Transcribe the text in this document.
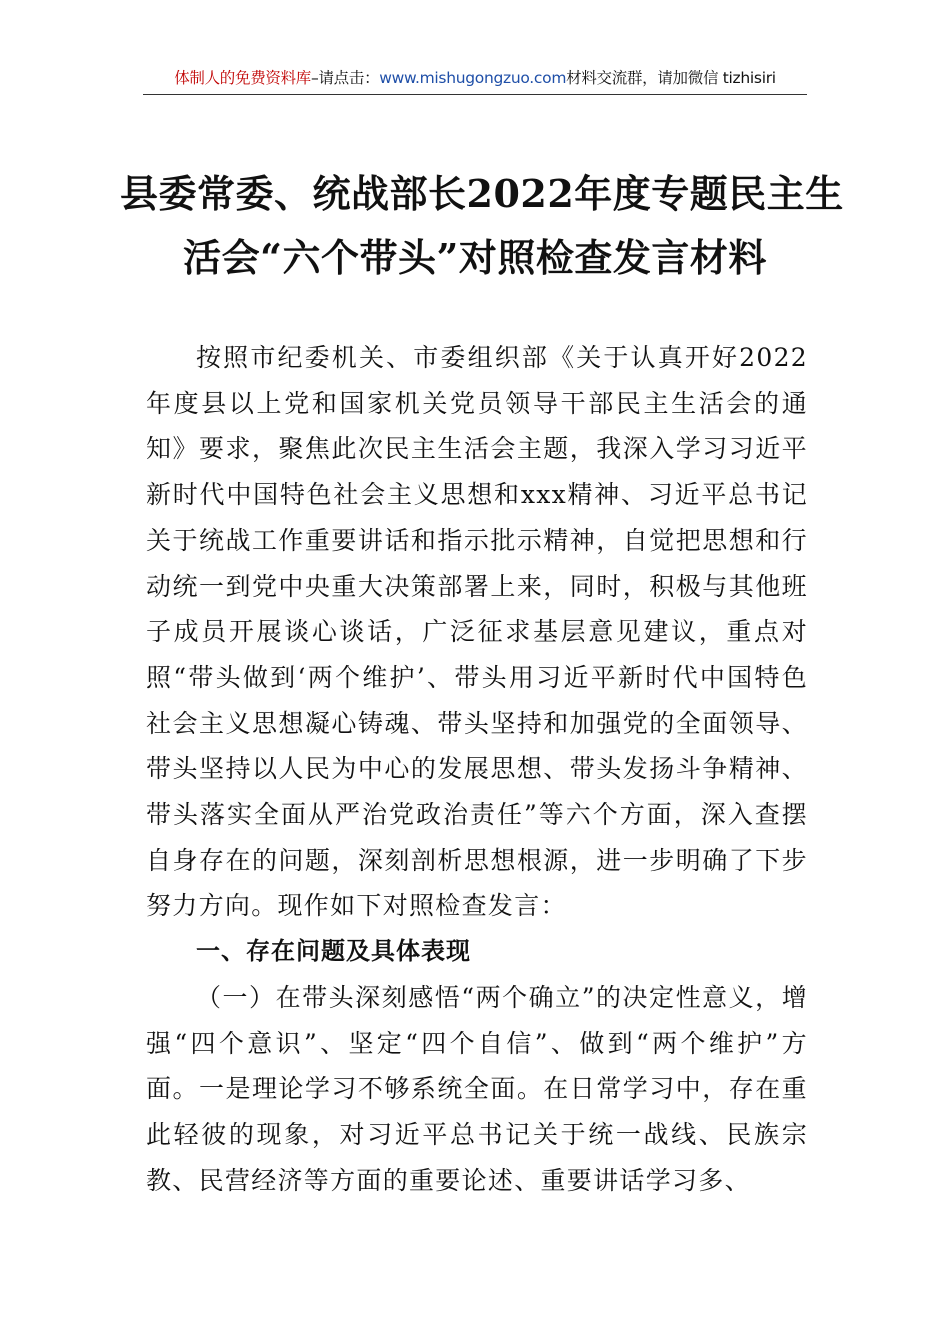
体制人的免费资料库–请点击：www.mishugongzuo.com材料交流群，请加微信 tizhisiri
县委常委、统战部长2022年度专题民主生
活会“六个带头”对照检查发言材料

按照市纪委机关、市委组织部《关于认真开好2022年度县以上党和国家机关党员领导干部民主生活会的通知》要求，聚焦此次民主生活会主题，我深入学习习近平新时代中国特色社会主义思想和xxx精神、习近平总书记关于统战工作重要讲话和指示批示精神，自觉把思想和行动统一到党中央重大决策部署上来，同时，积极与其他班子成员开展谈心谈话，广泛征求基层意见建议，重点对照“带头做到‘两个维护’、带头用习近平新时代中国特色社会主义思想凝心铸魂、带头坚持和加强党的全面领导、带头坚持以人民为中心的发展思想、带头发扬斗争精神、带头落实全面从严治党政治责任”等六个方面，深入查摆自身存在的问题，深刻剖析思想根源，进一步明确了下步努力方向。现作如下对照检查发言：

一、存在问题及具体表现

（一）在带头深刻感悟“两个确立”的决定性意义，增强“四个意识”、坚定“四个自信”、做到“两个维护”方面。一是理论学习不够系统全面。在日常学习中，存在重此轻彼的现象，对习近平总书记关于统一战线、民族宗教、民营经济等方面的重要论述、重要讲话学习多、
